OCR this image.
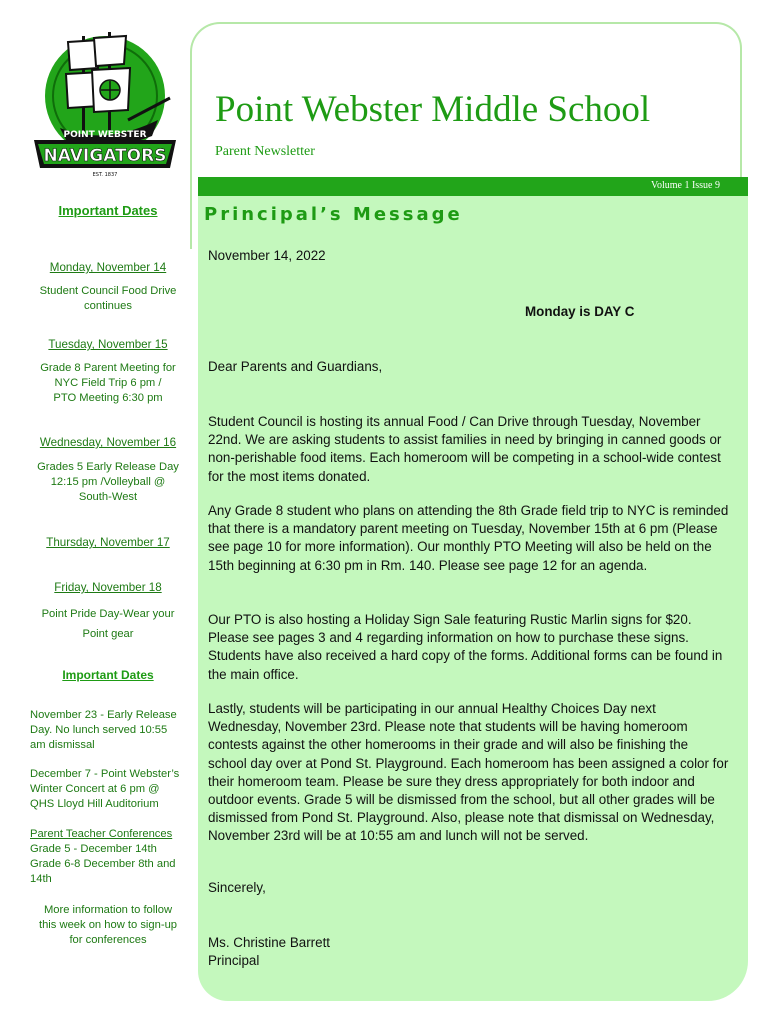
POINT WEBSTER
NAVIGATORS
EST. 1837
Point Webster Middle School
Parent Newsletter
Volume 1 Issue 9
Principal’s Message
November 14, 2022
Monday is DAY C
Dear Parents and Guardians,
Student Council is hosting its annual Food / Can Drive through Tuesday, November 22nd. We are asking students to assist families in need by bringing in canned goods or non-perishable food items. Each homeroom will be competing in a school-wide contest for the most items donated.
Any Grade 8 student who plans on attending the 8th Grade field trip to NYC is reminded that there is a mandatory parent meeting on Tuesday, November 15th at 6 pm (Please see page 10 for more information). Our monthly PTO Meeting will also be held on the 15th beginning at 6:30 pm in Rm. 140. Please see page 12 for an agenda.
Our PTO is also hosting a Holiday Sign Sale featuring Rustic Marlin signs for $20. Please see pages 3 and 4 regarding information on how to purchase these signs. Students have also received a hard copy of the forms. Additional forms can be found in the main office.
Lastly, students will be participating in our annual Healthy Choices Day next Wednesday, November 23rd. Please note that students will be having homeroom contests against the other homerooms in their grade and will also be finishing the school day over at Pond St. Playground. Each homeroom has been assigned a color for their homeroom team. Please be sure they dress appropriately for both indoor and outdoor events. Grade 5 will be dismissed from the school, but all other grades will be dismissed from Pond St. Playground. Also, please note that dismissal on Wednesday, November 23rd will be at 10:55 am and lunch will not be served.
Sincerely,
Ms. Christine Barrett
Principal
Important Dates
Monday, November 14
Student Council Food Drive
continues
Tuesday, November 15
Grade 8 Parent Meeting for
NYC Field Trip 6 pm /
PTO Meeting 6:30 pm
Wednesday, November 16
Grades 5 Early Release Day
12:15 pm /Volleyball @
South-West
Thursday, November 17
Friday, November 18
Point Pride Day-Wear your
Point gear
Important Dates
November 23 - Early Release
Day. No lunch served 10:55
am dismissal
December 7 - Point Webster’s
Winter Concert at 6 pm @
QHS Lloyd Hill Auditorium
Parent Teacher Conferences
Grade 5 - December 14th
Grade 6-8 December 8th and
14th
More information to follow
this week on how to sign-up
for conferences
